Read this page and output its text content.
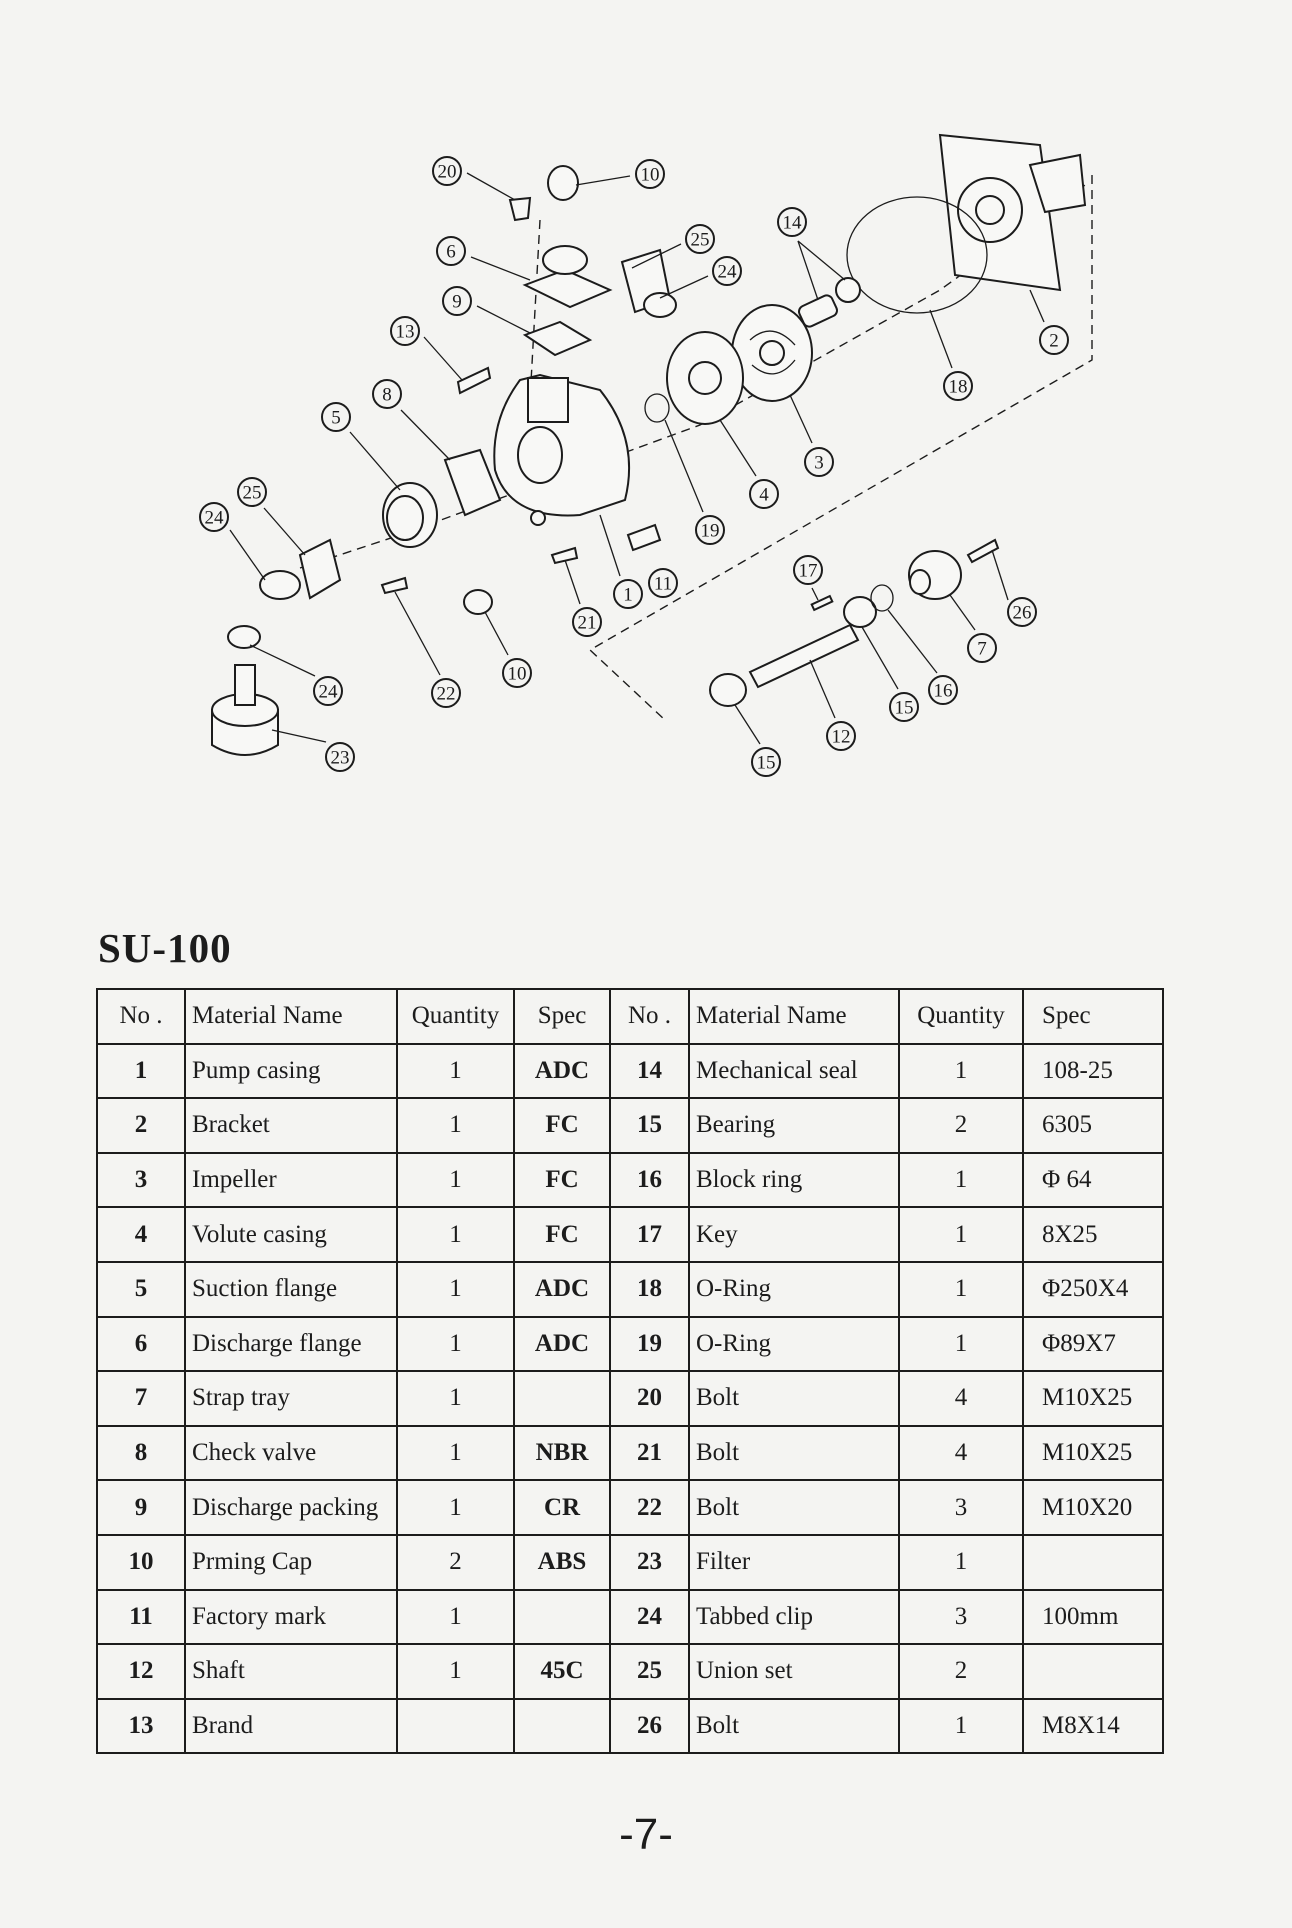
20	10
6
25
24
14
9
13	2
18
8
5
3
4
19
25
24
1
11
17
26
21
7
10
22
24	16
15
12
23	15
SU-100
No .	Material Name	Quantity	Spec	No .	Material Name	Quantity	Spec
1	Pump casing	1	ADC	14	Mechanical seal	1	108-25
2	Bracket	1	FC	15	Bearing	2	6305
3	Impeller	1	FC	16	Block ring	1	Φ 64
4	Volute casing	1	FC	17	Key	1	8X25
5	Suction flange	1	ADC	18	O-Ring	1	Φ250X4
6	Discharge flange	1	ADC	19	O-Ring	1	Φ89X7
7	Strap tray	1		20	Bolt	4	M10X25
8	Check valve	1	NBR	21	Bolt	4	M10X25
9	Discharge packing	1	CR	22	Bolt	3	M10X20
10	Prming Cap	2	ABS	23	Filter	1	
11	Factory mark	1		24	Tabbed clip	3	100mm
12	Shaft	1	45C	25	Union set	2	
13	Brand			26	Bolt	1	M8X14
-7-
